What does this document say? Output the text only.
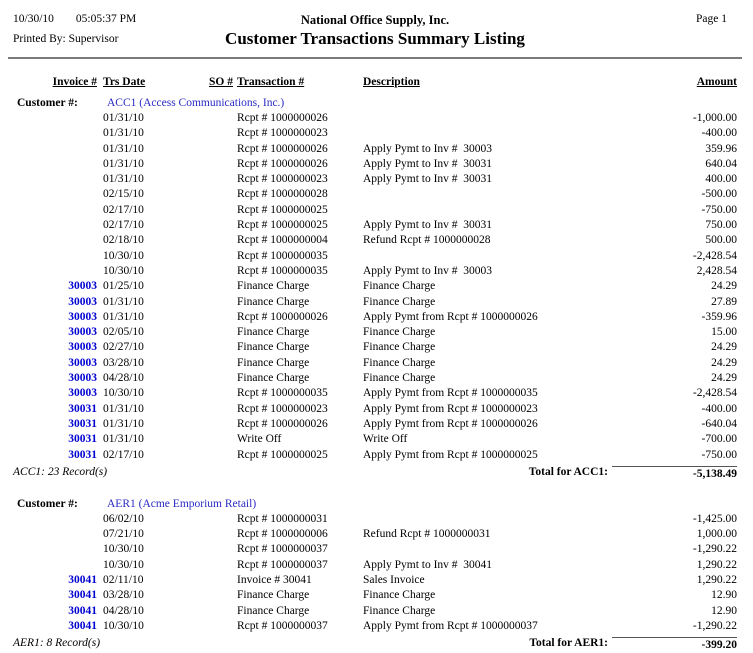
10/30/10 05:05:37 PM	National Office Supply, Inc.	Page 1
Printed By: Supervisor	Customer Transactions Summary Listing
Invoice # Trs Date	SO # Transaction #	Description	Amount
Customer #:	ACC1 (Access Communications, Inc.)
01/31/10	Rcpt # 1000000026	-1,000.00
01/31/10	Rcpt # 1000000023	-400.00
01/31/10	Rcpt # 1000000026	Apply Pymt to Inv #  30003	359.96
01/31/10	Rcpt # 1000000026	Apply Pymt to Inv #  30031	640.04
01/31/10	Rcpt # 1000000023	Apply Pymt to Inv #  30031	400.00
02/15/10	Rcpt # 1000000028	-500.00
02/17/10	Rcpt # 1000000025	-750.00
02/17/10	Rcpt # 1000000025	Apply Pymt to Inv #  30031	750.00
02/18/10	Rcpt # 1000000004	Refund Rcpt # 1000000028	500.00
10/30/10	Rcpt # 1000000035	-2,428.54
10/30/10	Rcpt # 1000000035	Apply Pymt to Inv #  30003	2,428.54
30003 01/25/10	Finance Charge	Finance Charge	24.29
30003 01/31/10	Finance Charge	Finance Charge	27.89
30003 01/31/10	Rcpt # 1000000026	Apply Pymt from Rcpt # 1000000026	-359.96
30003 02/05/10	Finance Charge	Finance Charge	15.00
30003 02/27/10	Finance Charge	Finance Charge	24.29
30003 03/28/10	Finance Charge	Finance Charge	24.29
30003 04/28/10	Finance Charge	Finance Charge	24.29
30003 10/30/10	Rcpt # 1000000035	Apply Pymt from Rcpt # 1000000035	-2,428.54
30031 01/31/10	Rcpt # 1000000023	Apply Pymt from Rcpt # 1000000023	-400.00
30031 01/31/10	Rcpt # 1000000026	Apply Pymt from Rcpt # 1000000026	-640.04
30031 01/31/10	Write Off	Write Off	-700.00
30031 02/17/10	Rcpt # 1000000025	Apply Pymt from Rcpt # 1000000025	-750.00
ACC1: 23 Record(s)	Total for ACC1:	-5,138.49
Customer #:	AER1 (Acme Emporium Retail)
06/02/10	Rcpt # 1000000031	-1,425.00
07/21/10	Rcpt # 1000000006	Refund Rcpt # 1000000031	1,000.00
10/30/10	Rcpt # 1000000037	-1,290.22
10/30/10	Rcpt # 1000000037	Apply Pymt to Inv #  30041	1,290.22
30041 02/11/10	Invoice # 30041	Sales Invoice	1,290.22
30041 03/28/10	Finance Charge	Finance Charge	12.90
30041 04/28/10	Finance Charge	Finance Charge	12.90
30041 10/30/10	Rcpt # 1000000037	Apply Pymt from Rcpt # 1000000037	-1,290.22
AER1: 8 Record(s)	Total for AER1:	-399.20
